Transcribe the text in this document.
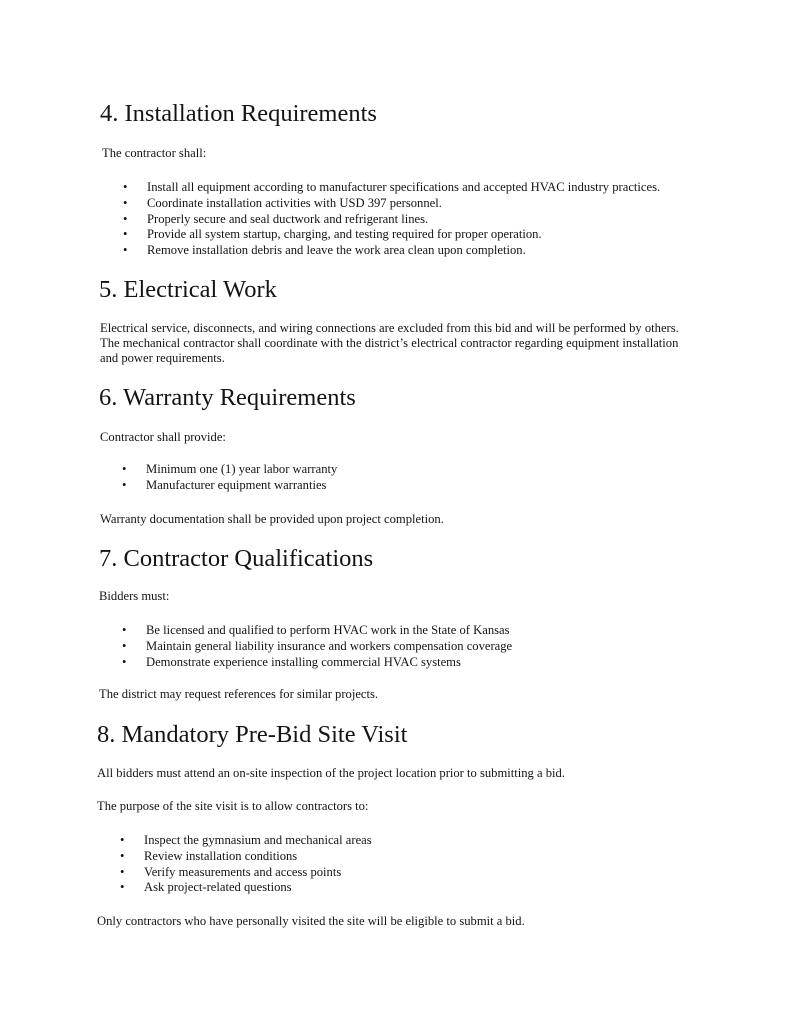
4. Installation Requirements

The contractor shall:

• Install all equipment according to manufacturer specifications and accepted HVAC industry practices.
• Coordinate installation activities with USD 397 personnel.
• Properly secure and seal ductwork and refrigerant lines.
• Provide all system startup, charging, and testing required for proper operation.
• Remove installation debris and leave the work area clean upon completion.
5. Electrical Work

Electrical service, disconnects, and wiring connections are excluded from this bid and will be performed by others.

The mechanical contractor shall coordinate with the district’s electrical contractor regarding equipment installation

and power requirements.

6. Warranty Requirements

Contractor shall provide:

• Minimum one (1) year labor warranty
• Manufacturer equipment warranties

Warranty documentation shall be provided upon project completion.

7. Contractor Qualifications

Bidders must:

• Be licensed and qualified to perform HVAC work in the State of Kansas
• Maintain general liability insurance and workers compensation coverage
• Demonstrate experience installing commercial HVAC systems

The district may request references for similar projects.

8. Mandatory Pre-Bid Site Visit

All bidders must attend an on-site inspection of the project location prior to submitting a bid.

The purpose of the site visit is to allow contractors to:

• Inspect the gymnasium and mechanical areas
• Review installation conditions
• Verify measurements and access points
• Ask project-related questions

Only contractors who have personally visited the site will be eligible to submit a bid.
